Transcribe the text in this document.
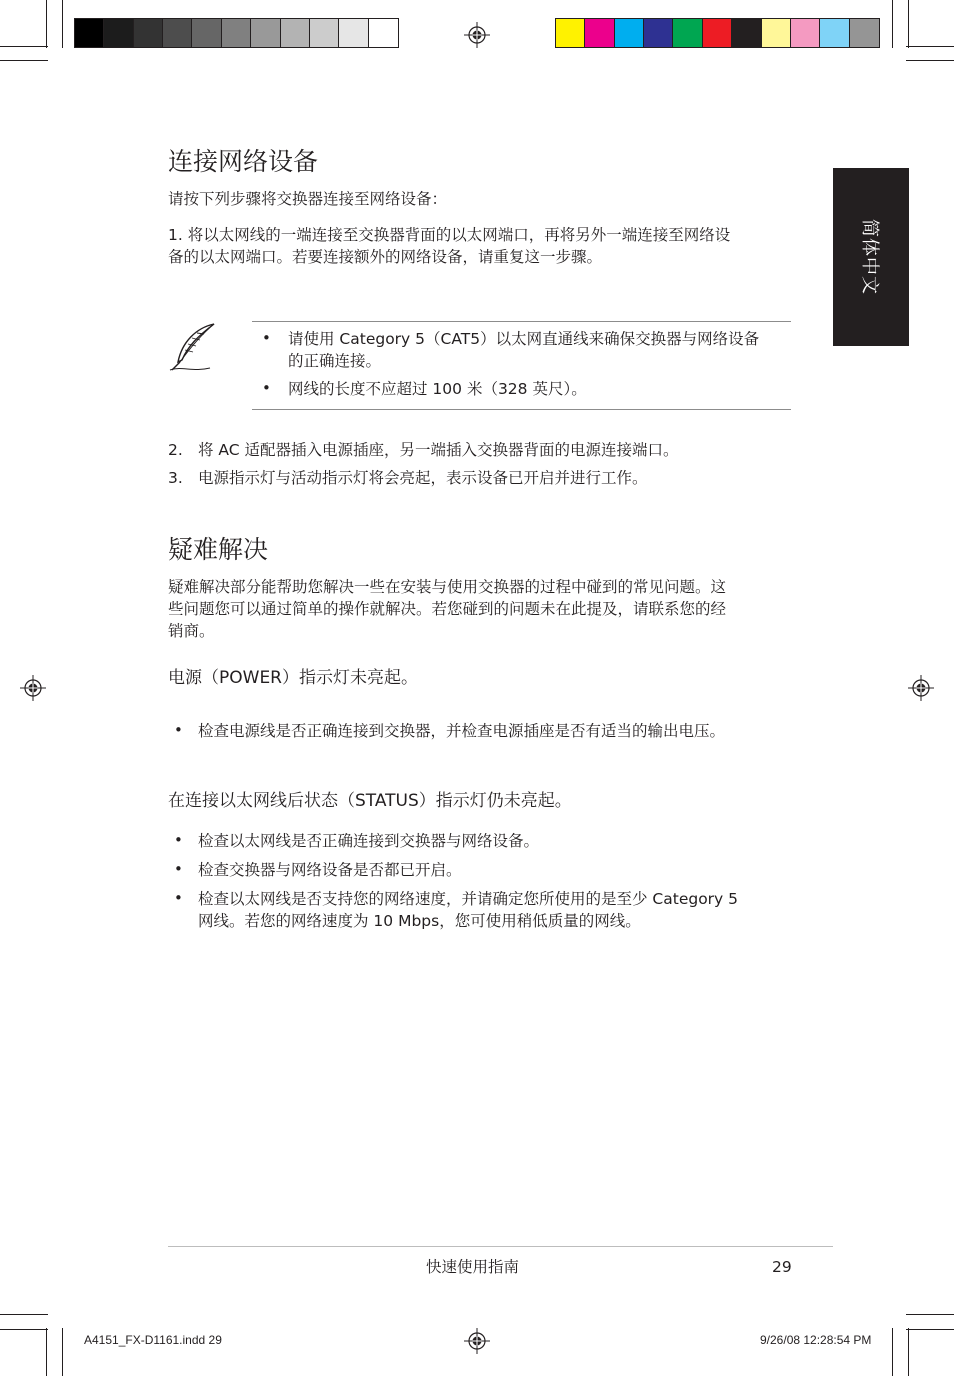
简体中文
连接网络设备
请按下列步骤将交换器连接至网络设备：
1. 将以太网线的一端连接至交换器背面的以太网端口，再将另外一端连接至网络设
备的以太网端口。若要连接额外的网络设备，请重复这一步骤。
• 请使用 Category 5（CAT5）以太网直通线来确保交换器与网络设备
的正确连接。
• 网线的长度不应超过 100 米（328 英尺）。
2. 将 AC 适配器插入电源插座，另一端插入交换器背面的电源连接端口。
3. 电源指示灯与活动指示灯将会亮起，表示设备已开启并进行工作。
疑难解决
疑难解决部分能帮助您解决一些在安装与使用交换器的过程中碰到的常见问题。这
些问题您可以通过简单的操作就解决。若您碰到的问题未在此提及，请联系您的经
销商。
电源（POWER）指示灯未亮起。
• 检查电源线是否正确连接到交换器，并检查电源插座是否有适当的输出电压。
在连接以太网线后状态（STATUS）指示灯仍未亮起。
• 检查以太网线是否正确连接到交换器与网络设备。
• 检查交换器与网络设备是否都已开启。
• 检查以太网线是否支持您的网络速度，并请确定您所使用的是至少 Category 5
网线。若您的网络速度为 10 Mbps，您可使用稍低质量的网线。
快速使用指南	29
A4151_FX-D1161.indd 29	9/26/08 12:28:54 PM
